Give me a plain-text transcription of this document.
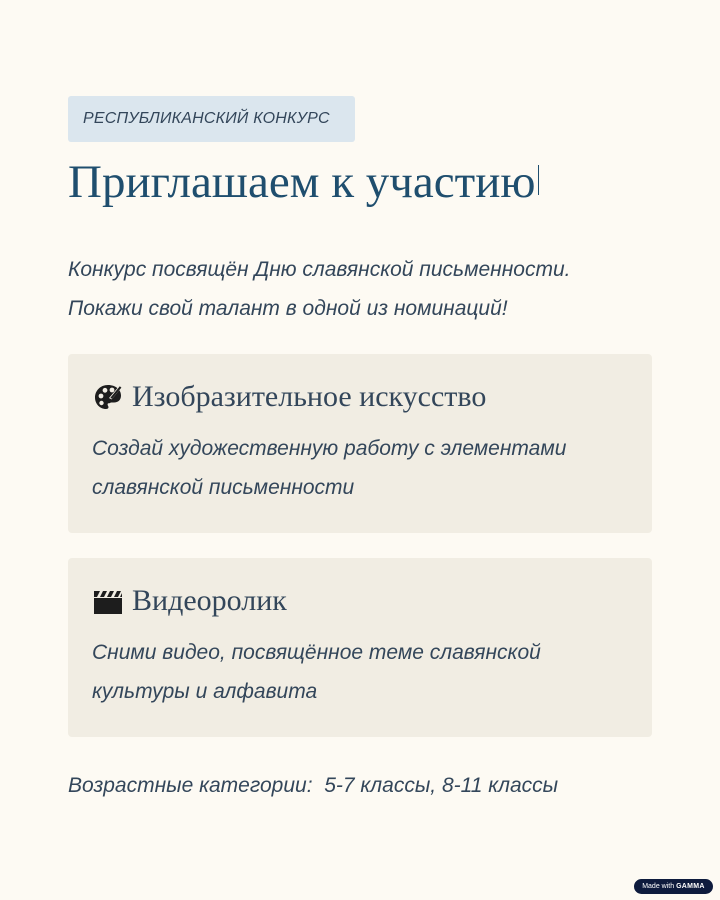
РЕСПУБЛИКАНСКИЙ КОНКУРС
Приглашаем к участию

Конкурс посвящён Дню славянской письменности.

Покажи свой талант в одной из номинаций!

Изобразительное искусство
Создай художественную работу с элементами
славянской письменности
Видеоролик
Сними видео, посвящённое теме славянской
культуры и алфавита
Возрастные категории:  5-7 классы, 8-11 классы
Made with GAMMA
